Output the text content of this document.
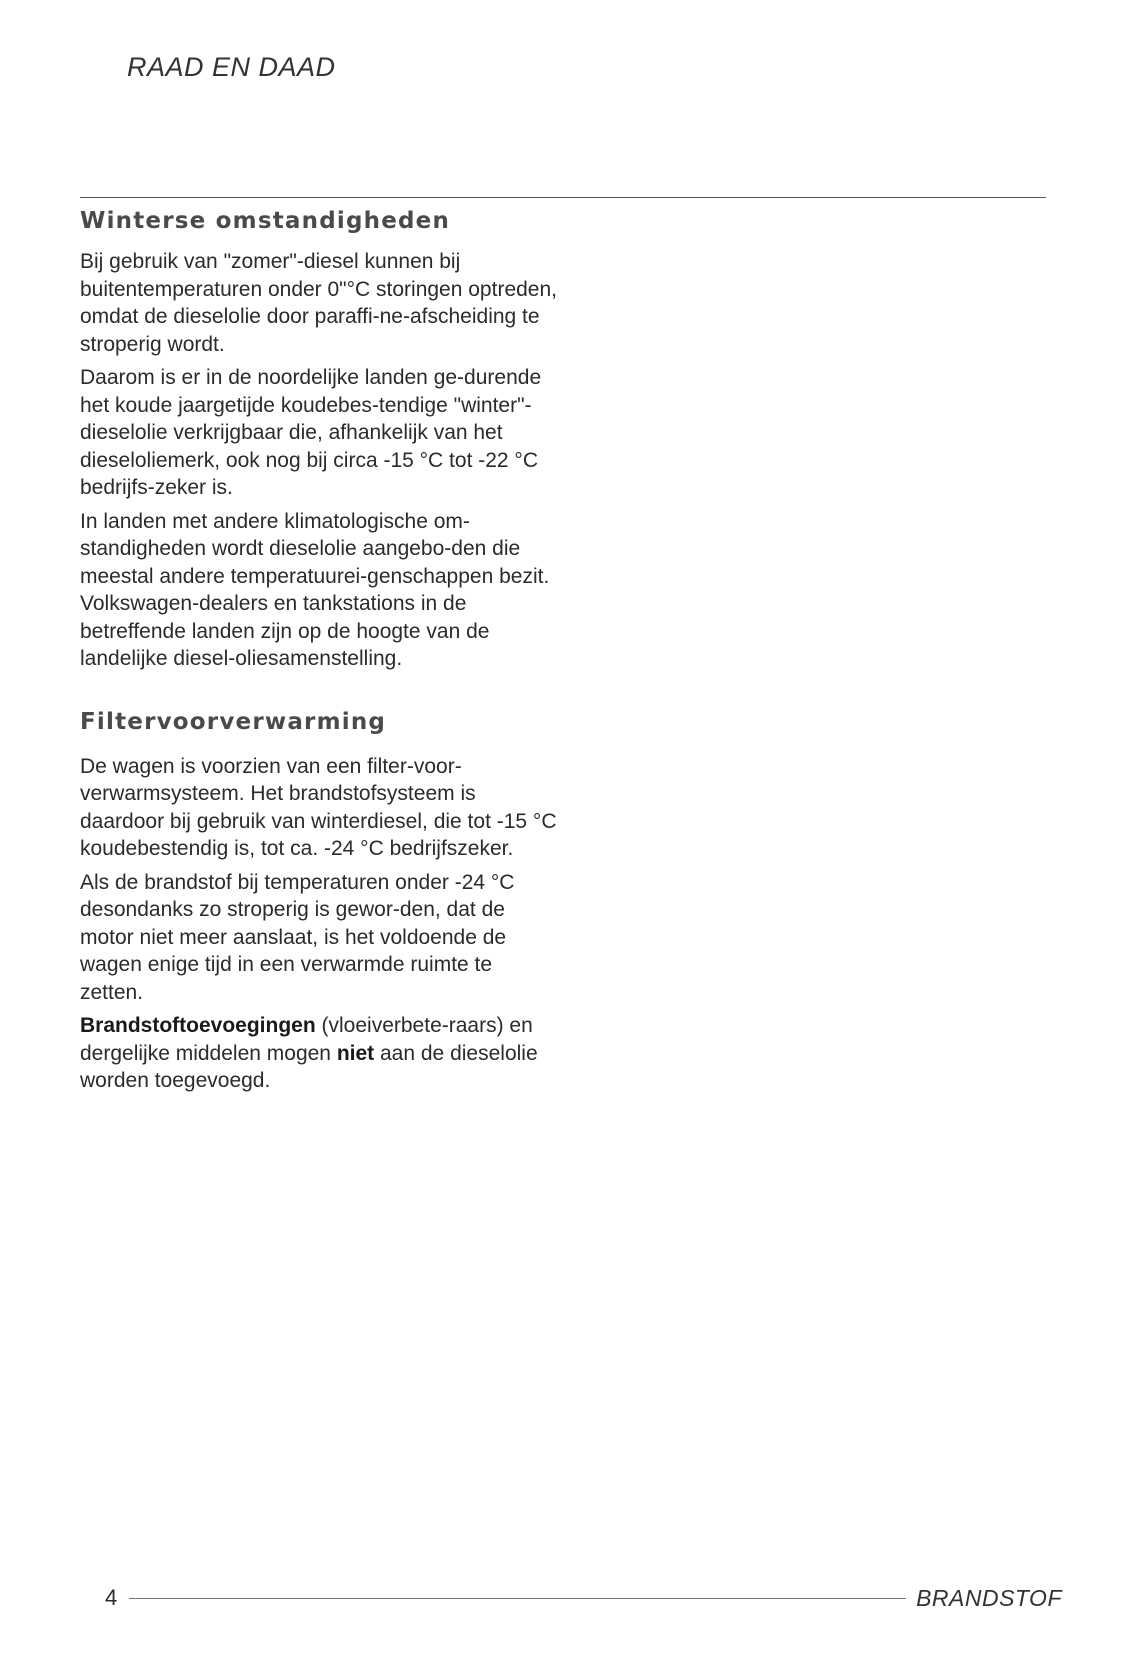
RAAD EN DAAD
Winterse omstandigheden

Bij gebruik van "zomer"-diesel kunnen bij buitentemperaturen onder 0"°C storingen optreden, omdat de dieselolie door paraffi-ne-afscheiding te stroperig wordt.

Daarom is er in de noordelijke landen ge-durende het koude jaargetijde koudebes-tendige "winter"-dieselolie verkrijgbaar die, afhankelijk van het dieseloliemerk, ook nog bij circa -15 °C tot -22 °C bedrijfs-zeker is.

In landen met andere klimatologische om-standigheden wordt dieselolie aangebo-den die meestal andere temperatuurei-genschappen bezit. Volkswagen-dealers en tankstations in de betreffende landen zijn op de hoogte van de landelijke diesel-oliesamenstelling.

Filtervoorverwarming

De wagen is voorzien van een filter-voor-verwarmsysteem. Het brandstofsysteem is daardoor bij gebruik van winterdiesel, die tot -15 °C koudebestendig is, tot ca. -24 °C bedrijfszeker.

Als de brandstof bij temperaturen onder -24 °C desondanks zo stroperig is gewor-den, dat de motor niet meer aanslaat, is het voldoende de wagen enige tijd in een verwarmde ruimte te zetten.

Brandstoftoevoegingen (vloeiverbete-raars) en dergelijke middelen mogen niet aan de dieselolie worden toegevoegd.

4	BRANDSTOF
